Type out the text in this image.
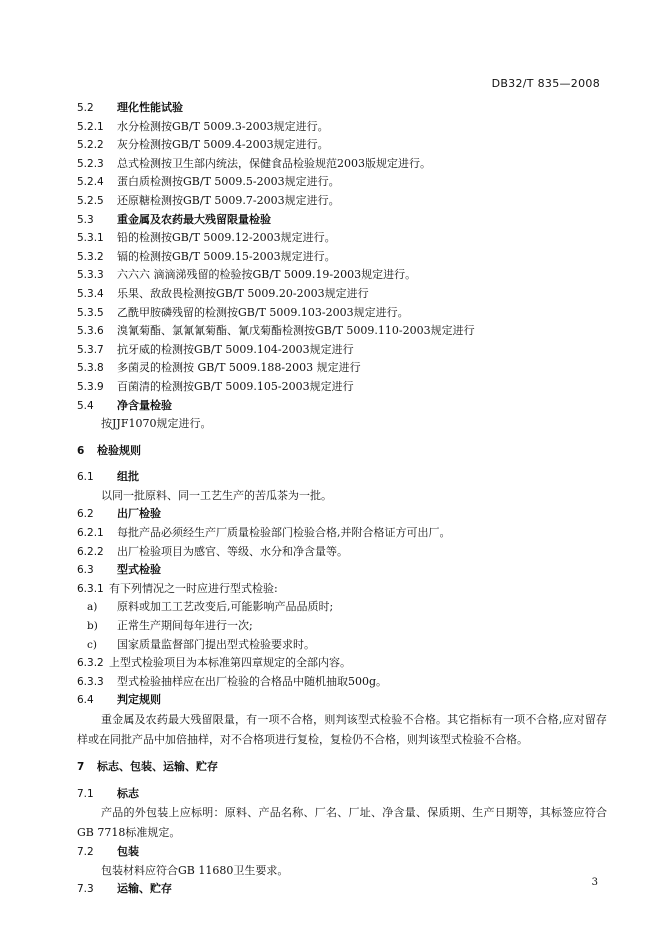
DB32/T 835—2008
5.2 理化性能试验
5.2.1 水分检测按GB/T 5009.3-2003规定进行。
5.2.2 灰分检测按GB/T 5009.4-2003规定进行。
5.2.3 总式检测按卫生部内统法，保健食品检验规范2003版规定进行。
5.2.4 蛋白质检测按GB/T 5009.5-2003规定进行。
5.2.5 还原糖检测按GB/T 5009.7-2003规定进行。
5.3 重金属及农药最大残留限量检验
5.3.1 铅的检测按GB/T 5009.12-2003规定进行。
5.3.2 镉的检测按GB/T 5009.15-2003规定进行。
5.3.3 六六六 滴滴涕残留的检验按GB/T 5009.19-2003规定进行。
5.3.4 乐果、敌敌畏检测按GB/T 5009.20-2003规定进行
5.3.5 乙酰甲胺磷残留的检测按GB/T 5009.103-2003规定进行。
5.3.6 溴氰菊酯、氯氰氰菊酯、氰戊菊酯检测按GB/T 5009.110-2003规定进行
5.3.7 抗牙威的检测按GB/T 5009.104-2003规定进行
5.3.8 多菌灵的检测按 GB/T 5009.188-2003 规定进行
5.3.9 百菌清的检测按GB/T 5009.105-2003规定进行
5.4 净含量检验
按JJF1070规定进行。
6 检验规则
6.1 组批
以同一批原料、同一工艺生产的苦瓜茶为一批。
6.2 出厂检验
6.2.1 每批产品必须经生产厂质量检验部门检验合格,并附合格证方可出厂。
6.2.2 出厂检验项目为感官、等级、水分和净含量等。
6.3 型式检验
6.3.1 有下列情况之一时应进行型式检验:
a) 原料或加工工艺改变后,可能影响产品品质时;
b) 正常生产期间每年进行一次;
c) 国家质量监督部门提出型式检验要求时。
6.3.2 上型式检验项目为本标准第四章规定的全部内容。
6.3.3 型式检验抽样应在出厂检验的合格品中随机抽取500g。
6.4 判定规则
重金属及农药最大残留限量，有一项不合格，则判该型式检验不合格。其它指标有一项不合格,应对留存样或在同批产品中加倍抽样，对不合格项进行复检，复检仍不合格，则判该型式检验不合格。
7 标志、包装、运输、贮存
7.1 标志
产品的外包装上应标明：原料、产品名称、厂名、厂址、净含量、保质期、生产日期等，其标签应符合GB 7718标准规定。
7.2 包装
包装材料应符合GB 11680卫生要求。
7.3 运输、贮存	3
